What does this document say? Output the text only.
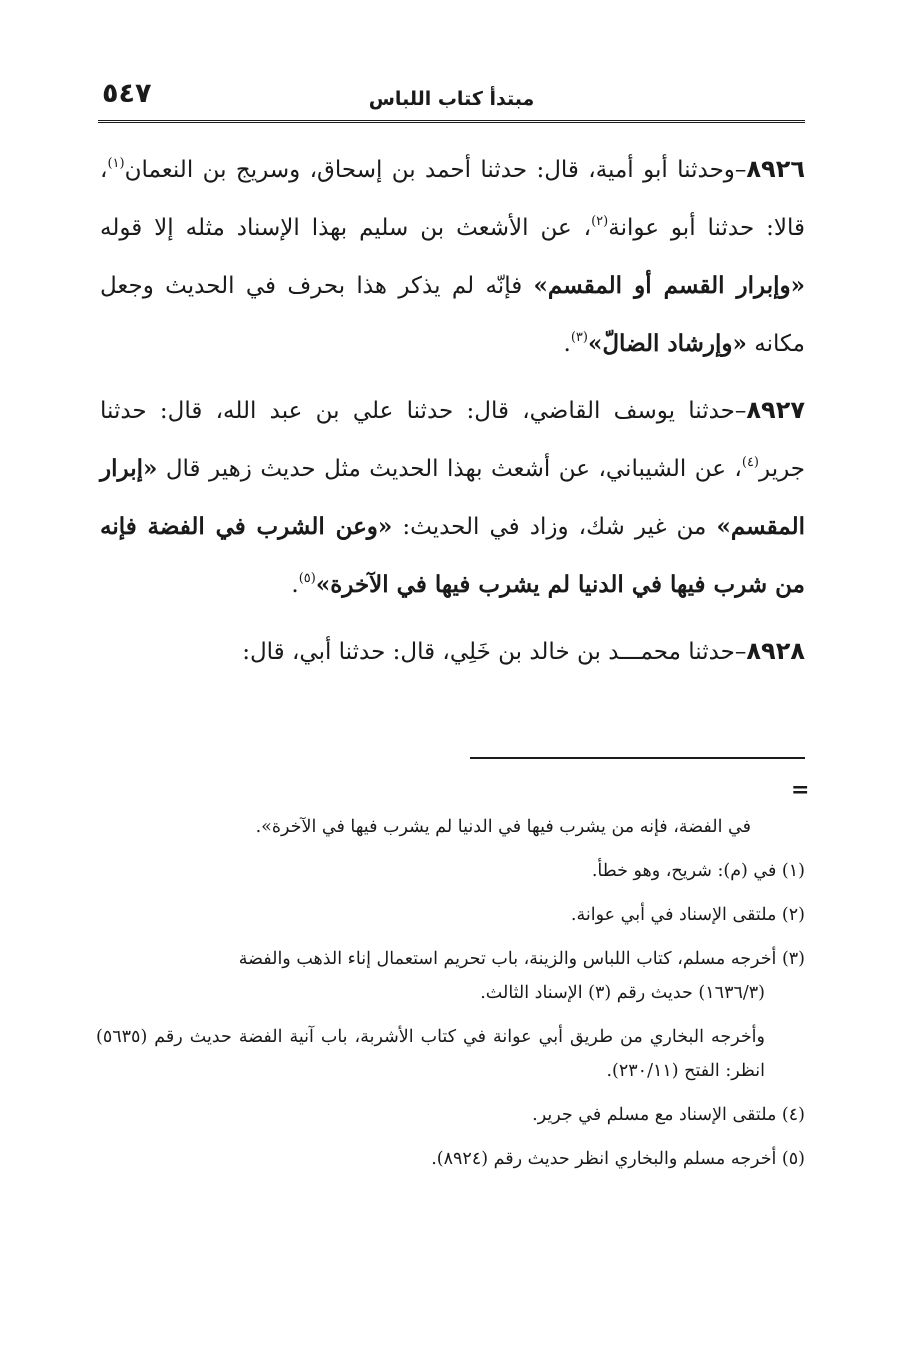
٥٤٧	مبتدأ كتاب اللباس

٨٩٢٦–وحدثنا أبو أمية، قال: حدثنا أحمد بن إسحاق، وسريج بن النعمان$^{(١)}$، قالا: حدثنا أبو عوانة$^{(٢)}$، عن الأشعث بن سليم بهذا الإسناد مثله إلا قوله «وإبرار القسم أو المقسم» فإنّه لم يذكر هذا بحرف في الحديث وجعل مكانه «وإرشاد الضالّ»$^{(٣)}$.

٨٩٢٧–حدثنا يوسف القاضي، قال: حدثنا علي بن عبد الله، قال: حدثنا جرير$^{(٤)}$، عن الشيباني، عن أشعث بهذا الحديث مثل حديث زهير قال «إبرار المقسم» من غير شك، وزاد في الحديث: «وعن الشرب في الفضة فإنه من شرب فيها في الدنيا لم يشرب فيها في الآخرة»$^{(٥)}$.

٨٩٢٨–حدثنا محمـــد بن خالد بن خَلِي، قال: حدثنا أبي، قال:

=
في الفضة، فإنه من يشرب فيها في الدنيا لم يشرب فيها في الآخرة».
(١) في (م): شريح، وهو خطأ.
(٢) ملتقى الإسناد في أبي عوانة.
(٣) أخرجه مسلم، كتاب اللباس والزينة، باب تحريم استعمال إناء الذهب والفضة
(١٦٣٦/٣) حديث رقم (٣) الإسناد الثالث.
وأخرجه البخاري من طريق أبي عوانة في كتاب الأشربة، باب آنية الفضة حديث رقم (٥٦٣٥) انظر: الفتح (٢٣٠/١١).
(٤) ملتقى الإسناد مع مسلم في جرير.
(٥) أخرجه مسلم والبخاري انظر حديث رقم (٨٩٢٤).
